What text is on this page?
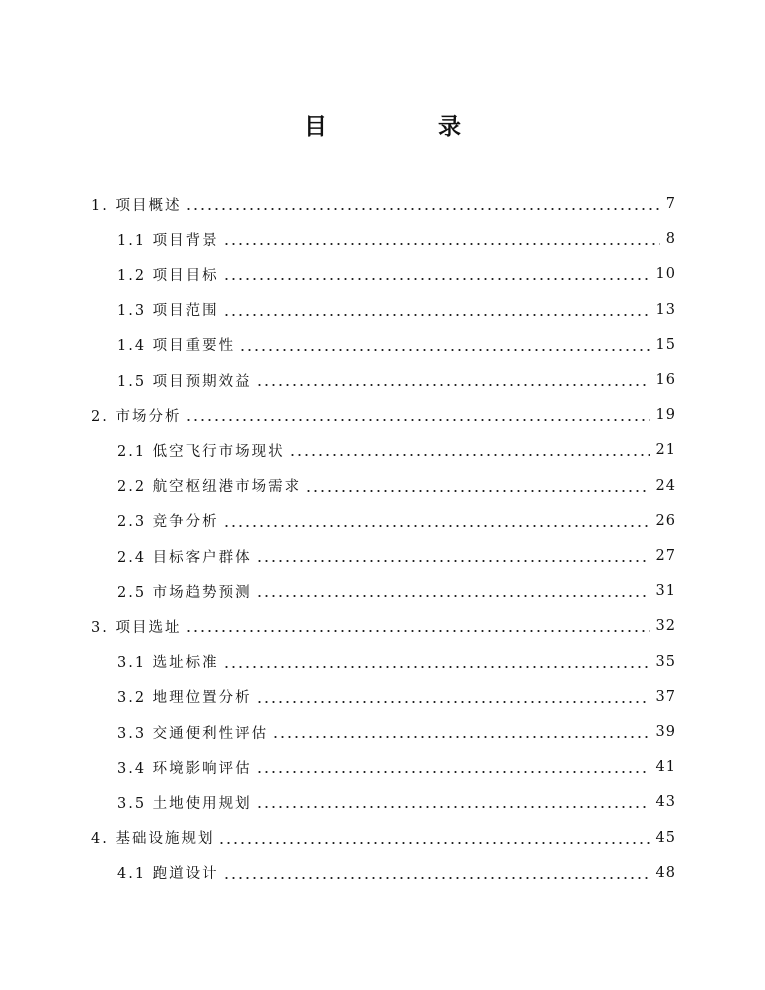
目　录
1. 项目概述	7
1.1 项目背景	8
1.2 项目目标	10
1.3 项目范围	13
1.4 项目重要性	15
1.5 项目预期效益	16
2. 市场分析	19
2.1 低空飞行市场现状	21
2.2 航空枢纽港市场需求	24
2.3 竞争分析	26
2.4 目标客户群体	27
2.5 市场趋势预测	31
3. 项目选址	32
3.1 选址标准	35
3.2 地理位置分析	37
3.3 交通便利性评估	39
3.4 环境影响评估	41
3.5 土地使用规划	43
4. 基础设施规划	45
4.1 跑道设计	48
